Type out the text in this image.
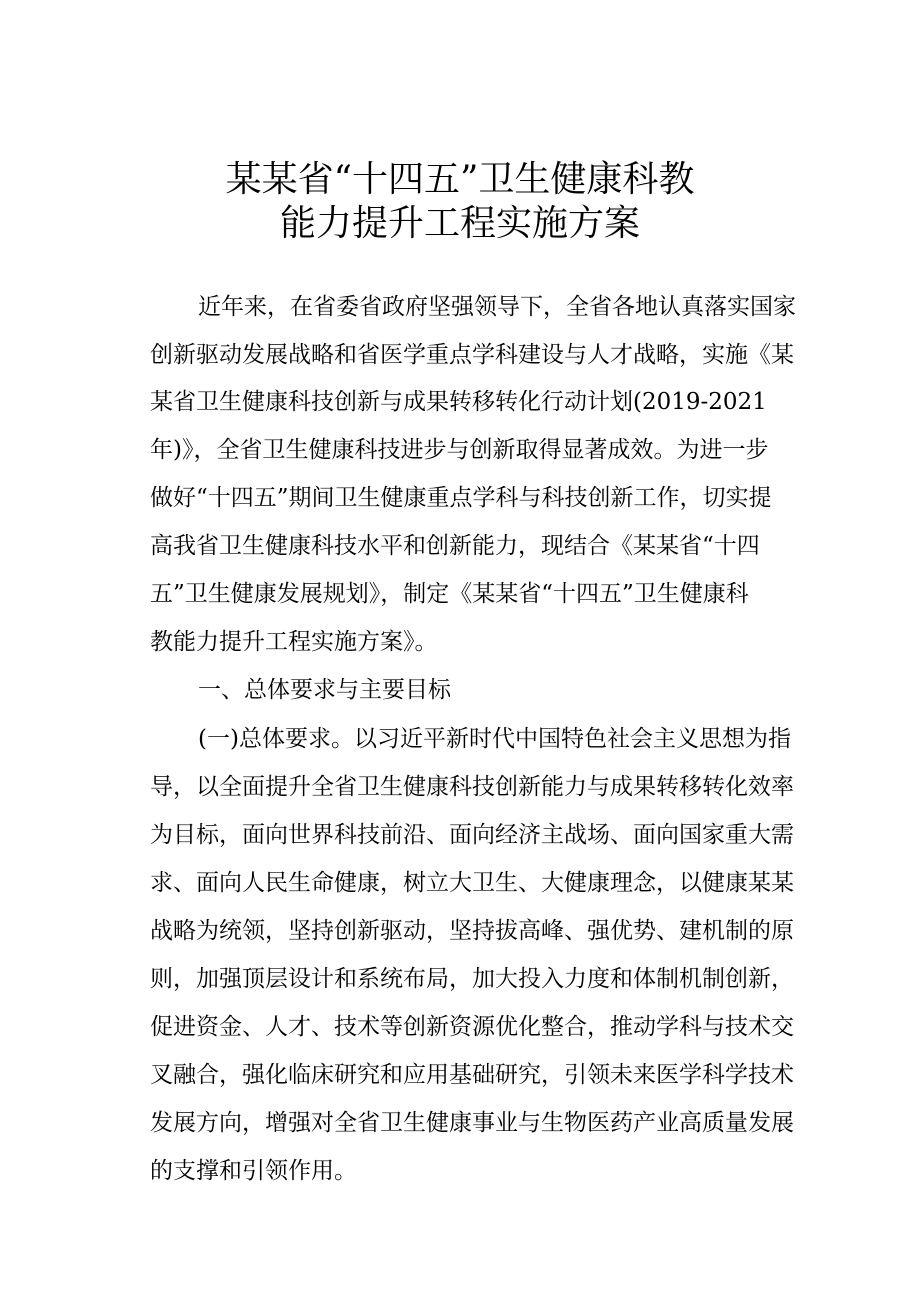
某某省“十四五”卫生健康科教
能力提升工程实施方案
近年来，在省委省政府坚强领导下，全省各地认真落实国家
创新驱动发展战略和省医学重点学科建设与人才战略，实施《某
某省卫生健康科技创新与成果转移转化行动计划(2019-2021
年)》，全省卫生健康科技进步与创新取得显著成效。为进一步
做好“十四五”期间卫生健康重点学科与科技创新工作，切实提
高我省卫生健康科技水平和创新能力，现结合《某某省“十四
五”卫生健康发展规划》，制定《某某省“十四五”卫生健康科
教能力提升工程实施方案》。
一、总体要求与主要目标
(一)总体要求。以习近平新时代中国特色社会主义思想为指
导，以全面提升全省卫生健康科技创新能力与成果转移转化效率
为目标，面向世界科技前沿、面向经济主战场、面向国家重大需
求、面向人民生命健康，树立大卫生、大健康理念，以健康某某
战略为统领，坚持创新驱动，坚持拔高峰、强优势、建机制的原
则，加强顶层设计和系统布局，加大投入力度和体制机制创新，
促进资金、人才、技术等创新资源优化整合，推动学科与技术交
叉融合，强化临床研究和应用基础研究，引领未来医学科学技术
发展方向，增强对全省卫生健康事业与生物医药产业高质量发展
的支撑和引领作用。
